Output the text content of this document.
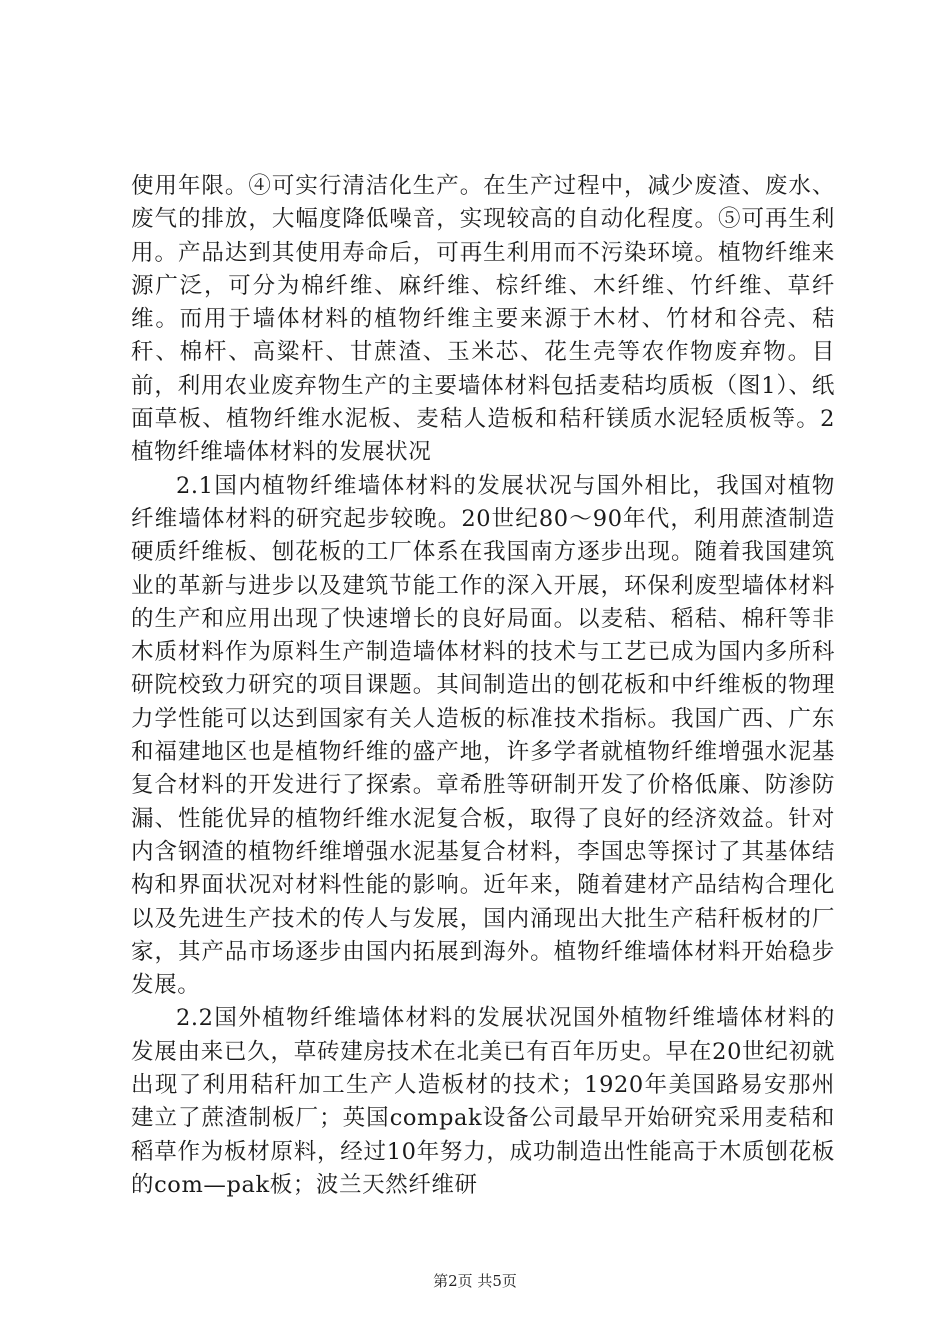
使用年限。④可实行清洁化生产。在生产过程中，减少废渣、废水、废气的排放，大幅度降低噪音，实现较高的自动化程度。⑤可再生利用。产品达到其使用寿命后，可再生利用而不污染环境。植物纤维来源广泛，可分为棉纤维、麻纤维、棕纤维、木纤维、竹纤维、草纤维。而用于墙体材料的植物纤维主要来源于木材、竹材和谷壳、秸秆、棉杆、高粱杆、甘蔗渣、玉米芯、花生壳等农作物废弃物。目前，利用农业废弃物生产的主要墙体材料包括麦秸均质板（图1）、纸面草板、植物纤维水泥板、麦秸人造板和秸秆镁质水泥轻质板等。2植物纤维墙体材料的发展状况

2.1国内植物纤维墙体材料的发展状况与国外相比，我国对植物纤维墙体材料的研究起步较晚。20世纪80～90年代，利用蔗渣制造硬质纤维板、刨花板的工厂体系在我国南方逐步出现。随着我国建筑业的革新与进步以及建筑节能工作的深入开展，环保利废型墙体材料的生产和应用出现了快速增长的良好局面。以麦秸、稻秸、棉秆等非木质材料作为原料生产制造墙体材料的技术与工艺已成为国内多所科研院校致力研究的项目课题。其间制造出的刨花板和中纤维板的物理力学性能可以达到国家有关人造板的标准技术指标。我国广西、广东和福建地区也是植物纤维的盛产地，许多学者就植物纤维增强水泥基复合材料的开发进行了探索。章希胜等研制开发了价格低廉、防渗防漏、性能优异的植物纤维水泥复合板，取得了良好的经济效益。针对内含钢渣的植物纤维增强水泥基复合材料，李国忠等探讨了其基体结构和界面状况对材料性能的影响。近年来，随着建材产品结构合理化以及先进生产技术的传人与发展，国内涌现出大批生产秸秆板材的厂家，其产品市场逐步由国内拓展到海外。植物纤维墙体材料开始稳步发展。

2.2国外植物纤维墙体材料的发展状况国外植物纤维墙体材料的发展由来已久，草砖建房技术在北美已有百年历史。早在20世纪初就出现了利用秸秆加工生产人造板材的技术；1920年美国路易安那州建立了蔗渣制板厂；英国compak设备公司最早开始研究采用麦秸和稻草作为板材原料，经过10年努力，成功制造出性能高于木质刨花板的com—pak板；波兰天然纤维研

第2页 共5页
